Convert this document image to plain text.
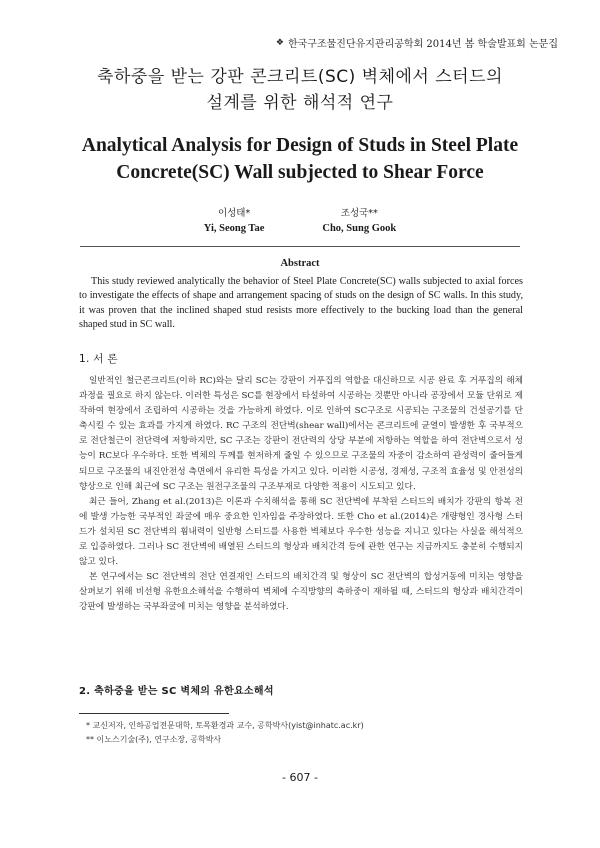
❖ 한국구조물진단유지관리공학회 2014년 봄 학술발표회 논문집
축하중을 받는 강판 콘크리트(SC) 벽체에서 스터드의
설계를 위한 해석적 연구
Analytical Analysis for Design of Studs in Steel Plate
Concrete(SC) Wall subjected to Shear Force
이성태*
Yi, Seong Tae
조성국**
Cho, Sung Gook
Abstract
This study reviewed analytically the behavior of Steel Plate Concrete(SC) walls subjected to axial forces to investigate the effects of shape and arrangement spacing of studs on the design of SC walls. In this study, it was proven that the inclined shaped stud resists more effectively to the bucking load than the general shaped stud in SC wall.
1. 서 론

일반적인 철근콘크리트(이하 RC)와는 달리 SC는 강판이 거푸집의 역할을 대신하므로 시공 완료 후 거푸집의 해체과정을 필요로 하지 않는다. 이러한 특성은 SC를 현장에서 타설하여 시공하는 것뿐만 아니라 공장에서 모듈 단위로 제작하여 현장에서 조립하여 시공하는 것을 가능하게 하였다. 이로 인하여 SC구조로 시공되는 구조물의 건설공기를 단축시킬 수 있는 효과를 가지게 하였다. RC 구조의 전단벽(shear wall)에서는 콘크리트에 균열이 발생한 후 국부적으로 전단철근이 전단력에 저항하지만, SC 구조는 강판이 전단력의 상당 부분에 저항하는 역할을 하여 전단벽으로서 성능이 RC보다 우수하다. 또한 벽체의 두께를 현저하게 줄일 수 있으므로 구조물의 자중이 감소하여 관성력이 줄어들게 되므로 구조물의 내진안전성 측면에서 유리한 특성을 가지고 있다. 이러한 시공성, 경제성, 구조적 효율성 및 안전성의 향상으로 인해 최근에 SC 구조는 원전구조물의 구조부재로 다양한 적용이 시도되고 있다.

최근 들어, Zhang et al.(2013)은 이론과 수치해석을 통해 SC 전단벽에 부착된 스터드의 배치가 강판의 항복 전에 발생 가능한 국부적인 좌굴에 매우 중요한 인자임을 주장하였다. 또한 Cho et al.(2014)은 개량형인 경사형 스터드가 설치된 SC 전단벽의 휨내력이 일반형 스터드를 사용한 벽체보다 우수한 성능을 지니고 있다는 사실을 해석적으로 입증하였다. 그러나 SC 전단벽에 배열된 스터드의 형상과 배치간격 등에 관한 연구는 지금까지도 충분히 수행되지 않고 있다.

본 연구에서는 SC 전단벽의 전단 연결재인 스터드의 배치간격 및 형상이 SC 전단벽의 합성거동에 미치는 영향을 살펴보기 위해 비선형 유한요소해석을 수행하여 벽체에 수직방향의 축하중이 재하될 때, 스터드의 형상과 배치간격이 강판에 발생하는 국부좌굴에 미치는 영향을 분석하였다.

2. 축하중을 받는 SC 벽체의 유한요소해석
* 교신저자, 인하공업전문대학, 토목환경과 교수, 공학박사(yist@inhatc.ac.kr)
** 이노스기술(주), 연구소장, 공학박사
- 607 -
